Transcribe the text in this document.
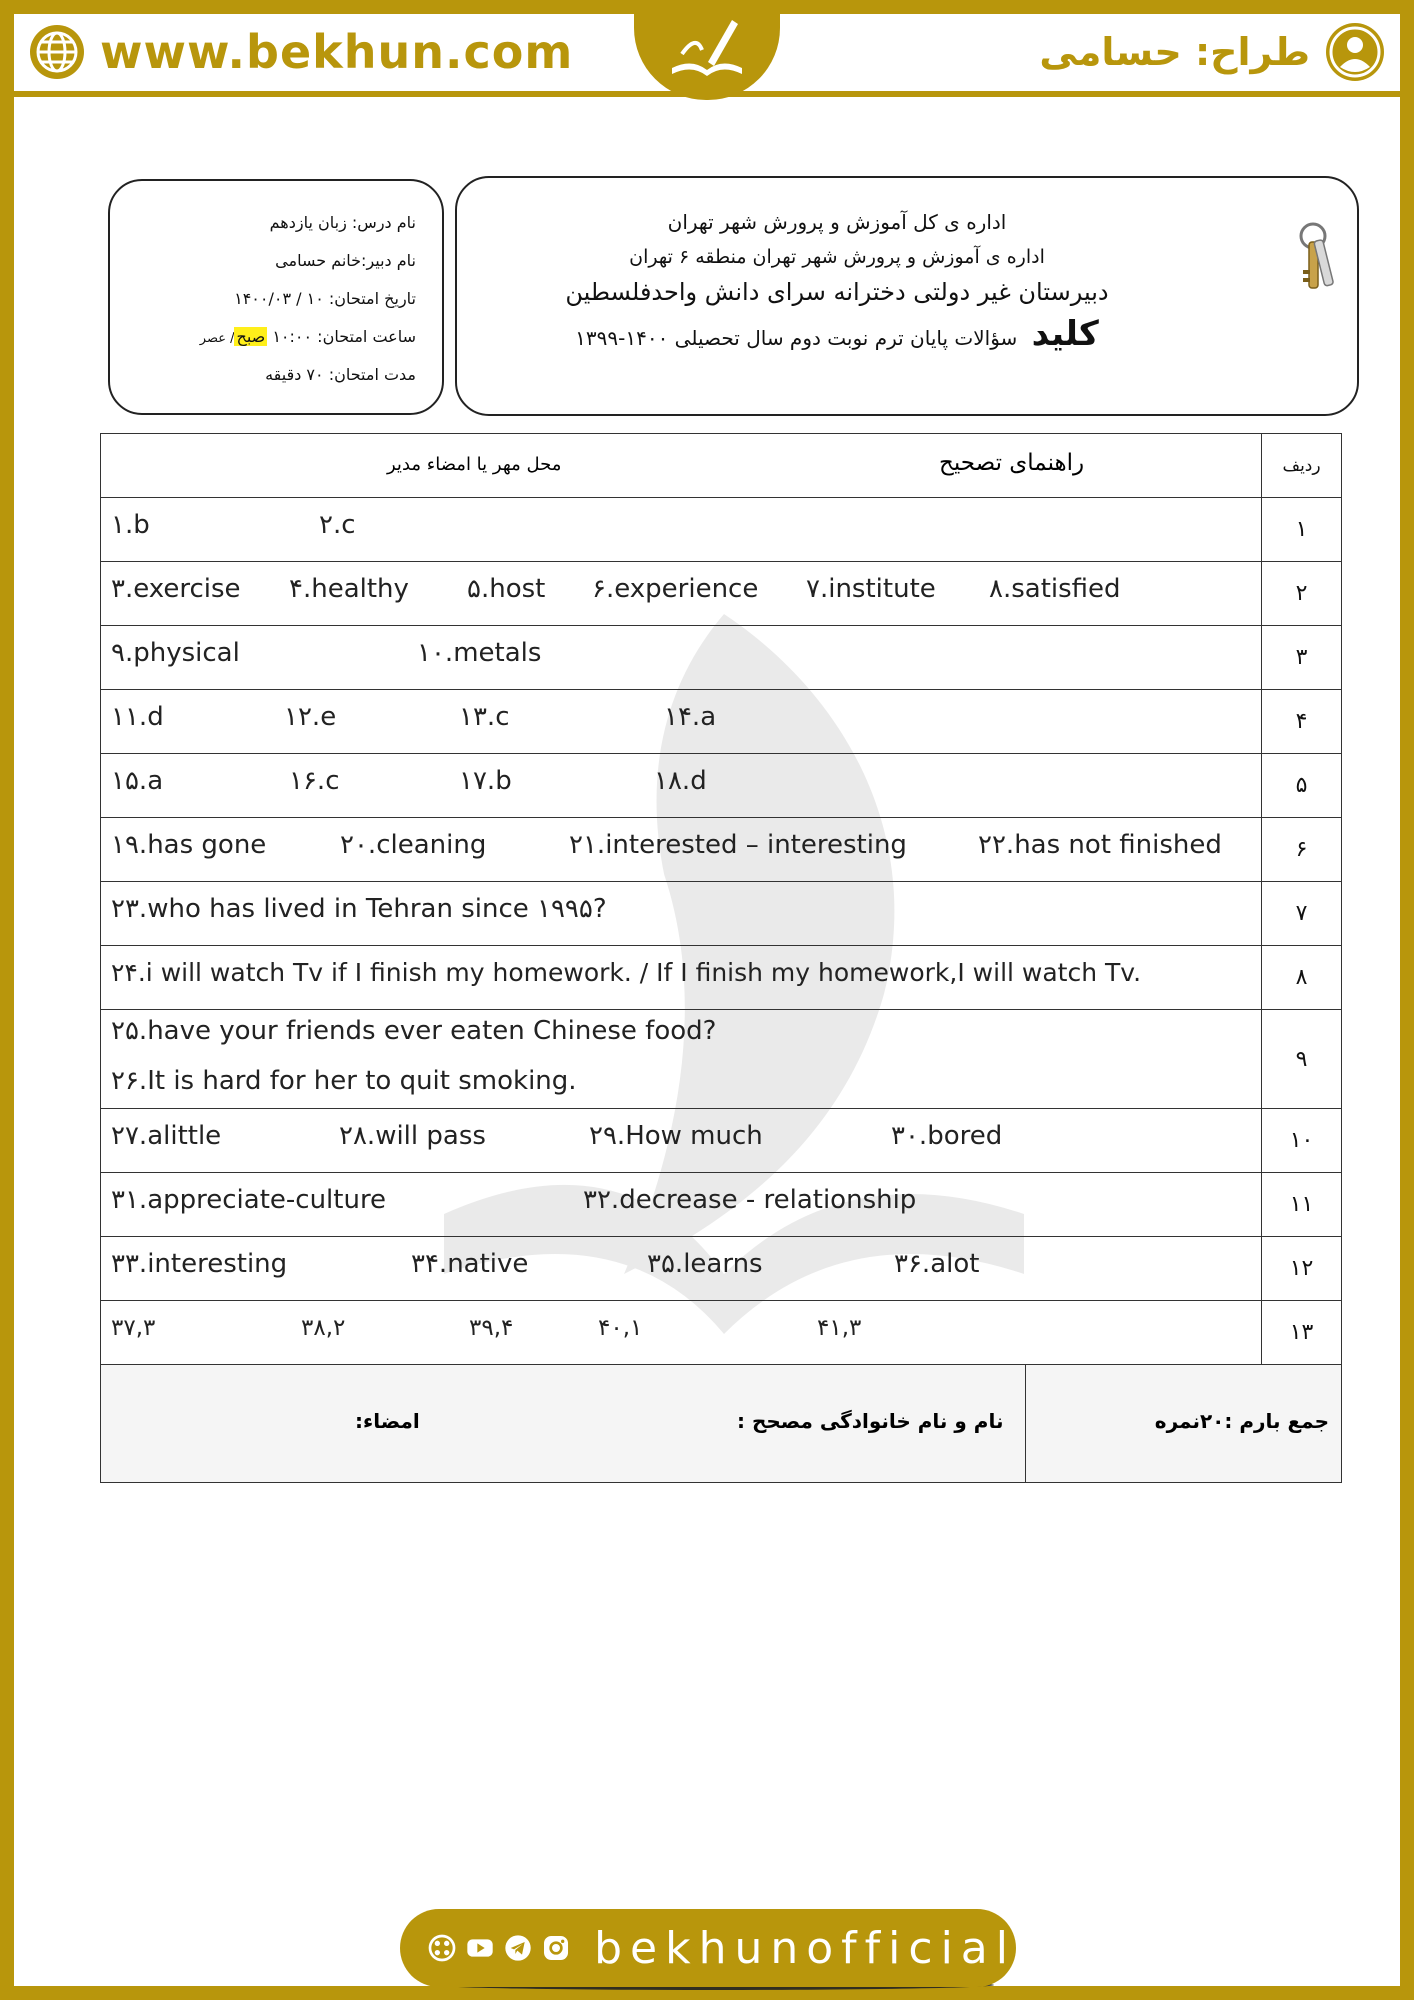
www.bekhun.com	طراح: حسامی
اداره ی کل آموزش و پرورش شهر تهران
اداره ی آموزش و پرورش شهر تهران منطقه ۶ تهران
دبیرستان غیر دولتی دخترانه سرای دانش واحدفلسطین
کلید سؤالات پایان ترم نوبت دوم سال تحصیلی ۱۴۰۰-۱۳۹۹
نام درس: زبان یازدهم
نام دبیر:خانم حسامی
تاریخ امتحان: ۱۰ / ۱۴۰۰/۰۳
ساعت امتحان: ۱۰:۰۰ صبح/ عصر
مدت امتحان: ۷۰ دقیقه
محل مهر یا امضاء مدیر	راهنمای تصحیح	ردیف
۱.b	۲.c	۱
۳.exercise ۴.healthy ۵.host ۶.experience ۷.institute ۸.satisfied	۲
۹.physical	۱۰.metals	۳
۱۱.d	۱۲.e	۱۳.c	۱۴.a	۴
۱۵.a	۱۶.c	۱۷.b	۱۸.d	۵
۱۹.has gone	۲۰.cleaning	۲۱.interested – interesting	۲۲.has not finished	۶
۲۳.who has lived in Tehran since ۱۹۹۵?	۷
۲۴.i will watch Tv if I finish my homework. / If I finish my homework,I will watch Tv.	۸
۲۵.have your friends ever eaten Chinese food?
۲۶.It is hard for her to quit smoking.
۹
۲۷.alittle	۲۸.will pass	۲۹.How much	۳۰.bored	۱۰
۳۱.appreciate-culture	۳۲.decrease - relationship	۱۱
۳۳.interesting	۳۴.native	۳۵.learns	۳۶.alot	۱۲
۳۷,۳	۳۸,۲	۳۹,۴	۴۰,۱	۴۱,۳	۱۳
امضاء:	نام و نام خانوادگی مصحح :	جمع بارم :۲۰نمره
bekhunofficial
